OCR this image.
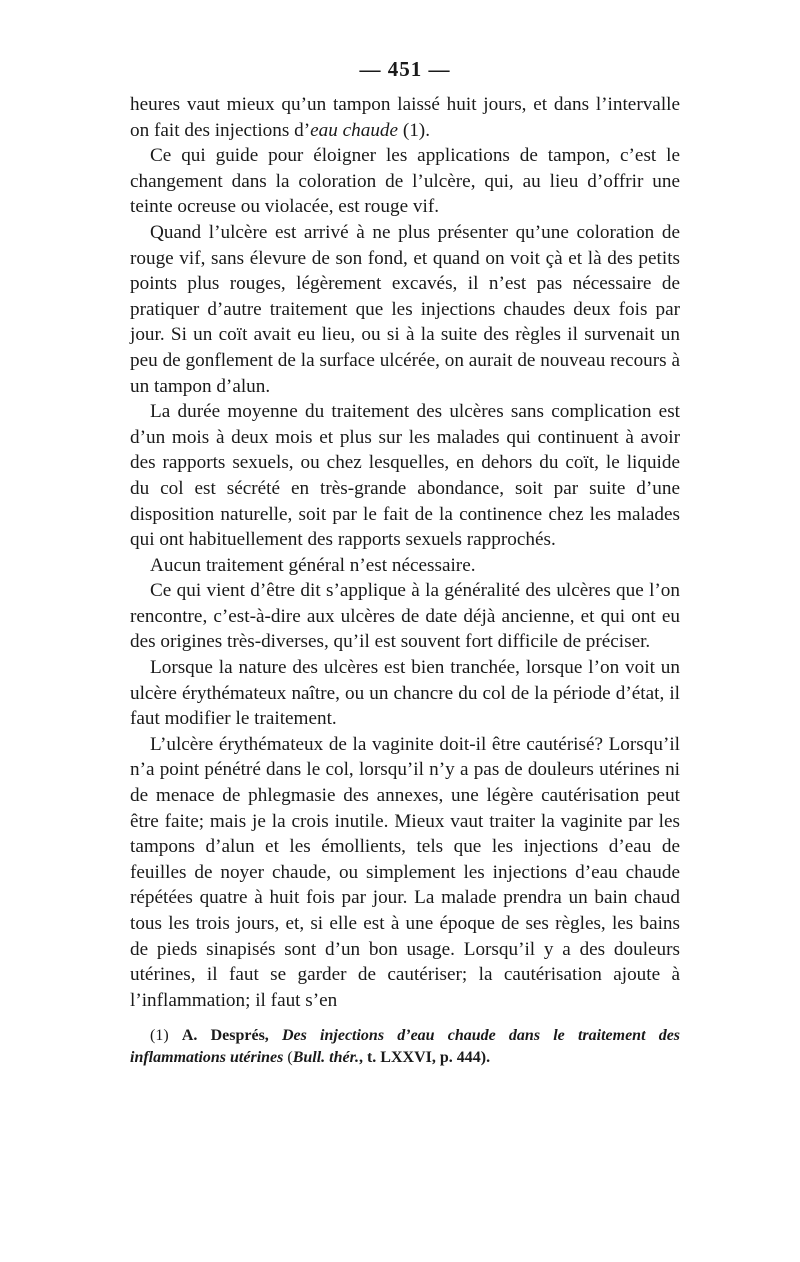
— 451 —

heures vaut mieux qu’un tampon laissé huit jours, et dans l’intervalle on fait des injections d’eau chaude (1).

Ce qui guide pour éloigner les applications de tampon, c’est le changement dans la coloration de l’ulcère, qui, au lieu d’offrir une teinte ocreuse ou violacée, est rouge vif.

Quand l’ulcère est arrivé à ne plus présenter qu’une coloration de rouge vif, sans élevure de son fond, et quand on voit çà et là des petits points plus rouges, légèrement excavés, il n’est pas nécessaire de pratiquer d’autre traitement que les injections chaudes deux fois par jour. Si un coït avait eu lieu, ou si à la suite des règles il survenait un peu de gonflement de la surface ulcérée, on aurait de nouveau recours à un tampon d’alun.

La durée moyenne du traitement des ulcères sans complication est d’un mois à deux mois et plus sur les malades qui continuent à avoir des rapports sexuels, ou chez lesquelles, en dehors du coït, le liquide du col est sécrété en très-grande abondance, soit par suite d’une disposition naturelle, soit par le fait de la continence chez les malades qui ont habituellement des rapports sexuels rapprochés.

Aucun traitement général n’est nécessaire.

Ce qui vient d’être dit s’applique à la généralité des ulcères que l’on rencontre, c’est-à-dire aux ulcères de date déjà ancienne, et qui ont eu des origines très-diverses, qu’il est souvent fort difficile de préciser.

Lorsque la nature des ulcères est bien tranchée, lorsque l’on voit un ulcère érythémateux naître, ou un chancre du col de la période d’état, il faut modifier le traitement.

L’ulcère érythémateux de la vaginite doit-il être cautérisé? Lorsqu’il n’a point pénétré dans le col, lorsqu’il n’y a pas de douleurs utérines ni de menace de phlegmasie des annexes, une légère cautérisation peut être faite; mais je la crois inutile. Mieux vaut traiter la vaginite par les tampons d’alun et les émollients, tels que les injections d’eau de feuilles de noyer chaude, ou simplement les injections d’eau chaude répétées quatre à huit fois par jour. La malade prendra un bain chaud tous les trois jours, et, si elle est à une époque de ses règles, les bains de pieds sinapisés sont d’un bon usage. Lorsqu’il y a des douleurs utérines, il faut se garder de cautériser; la cautérisation ajoute à l’inflammation; il faut s’en

(1) A. Després, Des injections d’eau chaude dans le traitement des inflammations utérines (Bull. thér., t. LXXVI, p. 444).
